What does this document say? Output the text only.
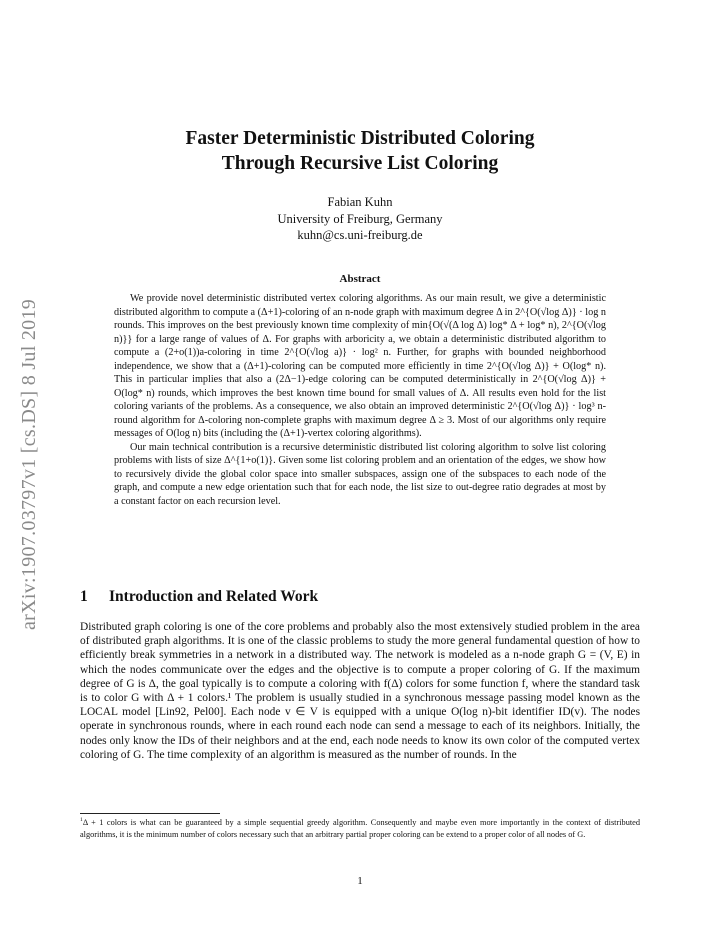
arXiv:1907.03797v1 [cs.DS] 8 Jul 2019
Faster Deterministic Distributed Coloring
Through Recursive List Coloring
Fabian Kuhn
University of Freiburg, Germany
kuhn@cs.uni-freiburg.de
Abstract

We provide novel deterministic distributed vertex coloring algorithms. As our main result, we give a deterministic distributed algorithm to compute a (Δ+1)-coloring of an n-node graph with maximum degree Δ in 2^{O(√log Δ)} · log n rounds. This improves on the best previously known time complexity of min{O(√(Δ log Δ) log* Δ + log* n), 2^{O(√log n)}} for a large range of values of Δ. For graphs with arboricity a, we obtain a deterministic distributed algorithm to compute a (2+o(1))a-coloring in time 2^{O(√log a)} · log² n. Further, for graphs with bounded neighborhood independence, we show that a (Δ+1)-coloring can be computed more efficiently in time 2^{O(√log Δ)} + O(log* n). This in particular implies that also a (2Δ−1)-edge coloring can be computed deterministically in 2^{O(√log Δ)} + O(log* n) rounds, which improves the best known time bound for small values of Δ. All results even hold for the list coloring variants of the problems. As a consequence, we also obtain an improved deterministic 2^{O(√log Δ)} · log³ n-round algorithm for Δ-coloring non-complete graphs with maximum degree Δ ≥ 3. Most of our algorithms only require messages of O(log n) bits (including the (Δ+1)-vertex coloring algorithms).

Our main technical contribution is a recursive deterministic distributed list coloring algorithm to solve list coloring problems with lists of size Δ^{1+o(1)}. Given some list coloring problem and an orientation of the edges, we show how to recursively divide the global color space into smaller subspaces, assign one of the subspaces to each node of the graph, and compute a new edge orientation such that for each node, the list size to out-degree ratio degrades at most by a constant factor on each recursion level.

1 Introduction and Related Work

Distributed graph coloring is one of the core problems and probably also the most extensively studied problem in the area of distributed graph algorithms. It is one of the classic problems to study the more general fundamental question of how to efficiently break symmetries in a network in a distributed way. The network is modeled as a n-node graph G = (V, E) in which the nodes communicate over the edges and the objective is to compute a proper coloring of G. If the maximum degree of G is Δ, the goal typically is to compute a coloring with f(Δ) colors for some function f, where the standard task is to color G with Δ + 1 colors.¹ The problem is usually studied in a synchronous message passing model known as the LOCAL model [Lin92, Pel00]. Each node v ∈ V is equipped with a unique O(log n)-bit identifier ID(v). The nodes operate in synchronous rounds, where in each round each node can send a message to each of its neighbors. Initially, the nodes only know the IDs of their neighbors and at the end, each node needs to know its own color of the computed vertex coloring of G. The time complexity of an algorithm is measured as the number of rounds. In the

$^1$Δ + 1 colors is what can be guaranteed by a simple sequential greedy algorithm. Consequently and maybe even more importantly in the context of distributed algorithms, it is the minimum number of colors necessary such that an arbitrary partial proper coloring can be extend to a proper color of all nodes of G.

1
